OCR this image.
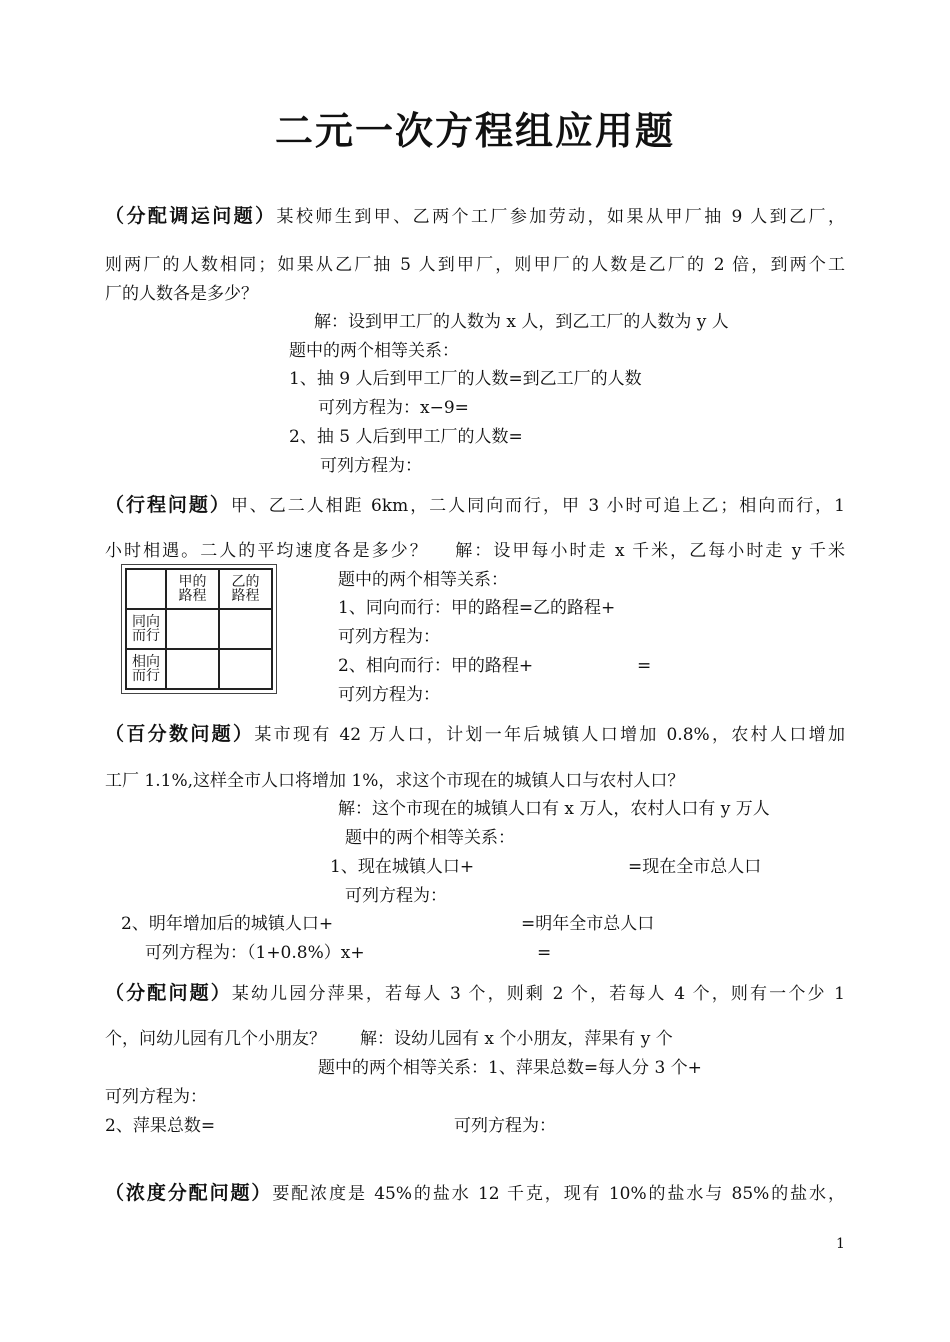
二元一次方程组应用题
（分配调运问题）某校师生到甲、乙两个工厂参加劳动，如果从甲厂抽 9 人到乙厂，
则两厂的人数相同；如果从乙厂抽 5 人到甲厂，则甲厂的人数是乙厂的 2 倍，到两个工
厂的人数各是多少？
解：设到甲工厂的人数为 x 人，到乙工厂的人数为 y 人
题中的两个相等关系：
1、抽 9 人后到甲工厂的人数=到乙工厂的人数
可列方程为：x−9=
2、抽 5 人后到甲工厂的人数=
可列方程为：
（行程问题）甲、乙二人相距 6km，二人同向而行，甲 3 小时可追上乙；相向而行，1
小时相遇。二人的平均速度各是多少？　 解：设甲每小时走 x 千米，乙每小时走 y 千米
	甲的路程	乙的路程
同向而行		
相向而行		
题中的两个相等关系：
1、同向而行：甲的路程=乙的路程+
可列方程为：
2、相向而行：甲的路程+	=
可列方程为：
（百分数问题）某市现有 42 万人口，计划一年后城镇人口增加 0.8%，农村人口增加
工厂 1.1%,这样全市人口将增加 1%，求这个市现在的城镇人口与农村人口？
解：这个市现在的城镇人口有 x 万人，农村人口有 y 万人
题中的两个相等关系：
1、现在城镇人口+	=现在全市总人口
可列方程为：
2、明年增加后的城镇人口+	=明年全市总人口
可列方程为：（1+0.8%）x+	=
（分配问题）某幼儿园分萍果，若每人 3 个，则剩 2 个，若每人 4 个，则有一个少 1
个，问幼儿园有几个小朋友？　　解：设幼儿园有 x 个小朋友，萍果有 y 个
题中的两个相等关系：1、萍果总数=每人分 3 个+
可列方程为：
2、萍果总数=	可列方程为：
（浓度分配问题）要配浓度是 45%的盐水 12 千克，现有 10%的盐水与 85%的盐水，
1
